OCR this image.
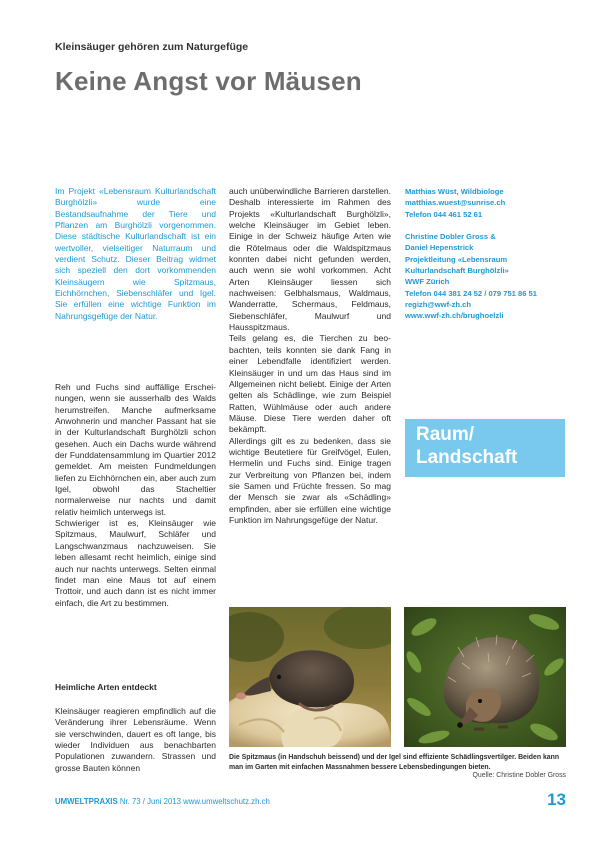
Kleinsäuger gehören zum Naturgefüge
Keine Angst vor Mäusen

Im Projekt «Lebensraum Kulturlandschaft Burghölzli» wurde eine Bestandsaufnahme der Tiere und Pflanzen am Burghölzli vorgenommen. Diese städtische Kulturlandschaft ist ein wertvoller, vielseitiger Naturraum und verdient Schutz. Dieser Beitrag widmet sich speziell den dort vorkommenden Kleinsäugern wie Spitzmaus, Eichhörnchen, Siebenschläfer und Igel. Sie erfüllen eine wichtige Funktion im Nahrungsgefüge der Natur.

Reh und Fuchs sind auffällige Erscheinungen, wenn sie ausserhalb des Walds herumstreifen. Manche aufmerksame Anwohnerin und mancher Passant hat sie in der Kulturlandschaft Burghölzli schon gesehen. Auch ein Dachs wurde während der Funddatensammlung im Quartier 2012 gemeldet. Am meisten Fundmeldungen liefen zu Eichhörnchen ein, aber auch zum Igel, obwohl das Stacheltier normalerweise nur nachts und damit relativ heimlich unterwegs ist.

Schwieriger ist es, Kleinsäuger wie Spitzmaus, Maulwurf, Schläfer und Langschwanzmaus nachzuweisen. Sie leben allesamt recht heimlich, einige sind auch nur nachts unterwegs. Selten einmal findet man eine Maus tot auf einem Trottoir, und auch dann ist es nicht immer einfach, die Art zu bestimmen.

Heimliche Arten entdeckt

Kleinsäuger reagieren empfindlich auf die Veränderung ihrer Lebensräume. Wenn sie verschwinden, dauert es oft lange, bis wieder Individuen aus benachbarten Populationen zuwandern. Strassen und grosse Bauten können

auch unüberwindliche Barrieren darstellen. Deshalb interessierte im Rahmen des Projekts «Kulturlandschaft Burghölzli», welche Kleinsäuger im Gebiet leben. Einige in der Schweiz häufige Arten wie die Rötelmaus oder die Waldspitzmaus konnten dabei nicht gefunden werden, auch wenn sie wohl vorkommen. Acht Arten Kleinsäuger liessen sich nachweisen: Gelbhalsmaus, Waldmaus, Wanderratte, Schermaus, Feldmaus, Siebenschläfer, Maulwurf und Hausspitzmaus.

Teils gelang es, die Tierchen zu beobachten, teils konnten sie dank Fang in einer Lebendfalle identifiziert werden. Kleinsäuger in und um das Haus sind im Allgemeinen nicht beliebt. Einige der Arten gelten als Schädlinge, wie zum Beispiel Ratten, Wühlmäuse oder auch andere Mäuse. Diese Tiere werden daher oft bekämpft.

Allerdings gilt es zu bedenken, dass sie wichtige Beutetiere für Greifvögel, Eulen, Hermelin und Fuchs sind. Einige tragen zur Verbreitung von Pflanzen bei, indem sie Samen und Früchte fressen. So mag der Mensch sie zwar als «Schädling» empfinden, aber sie erfüllen eine wichtige Funktion im Nahrungsgefüge der Natur.

Matthias Wüst, Wildbiologe
matthias.wuest@sunrise.ch
Telefon 044 461 52 61
Christine Dobler Gross &
Daniel Hepenstrick
Projektleitung «Lebensraum
Kulturlandschaft Burghölzli»
WWF Zürich
Telefon 044 381 24 52 / 079 751 86 51
regizh@wwf-zh.ch
www.wwf-zh.ch/brughoelzli
Raum/
Landschaft
Die Spitzmaus (in Handschuh beissend) und der Igel sind effiziente Schädlingsvertilger. Beiden kann man im Garten mit einfachen Massnahmen bessere Lebensbedingungen bieten.
Quelle: Christine Dobler Gross
UMWELTPRAXIS Nr. 73 / Juni 2013 www.umweltschutz.zh.ch	13
